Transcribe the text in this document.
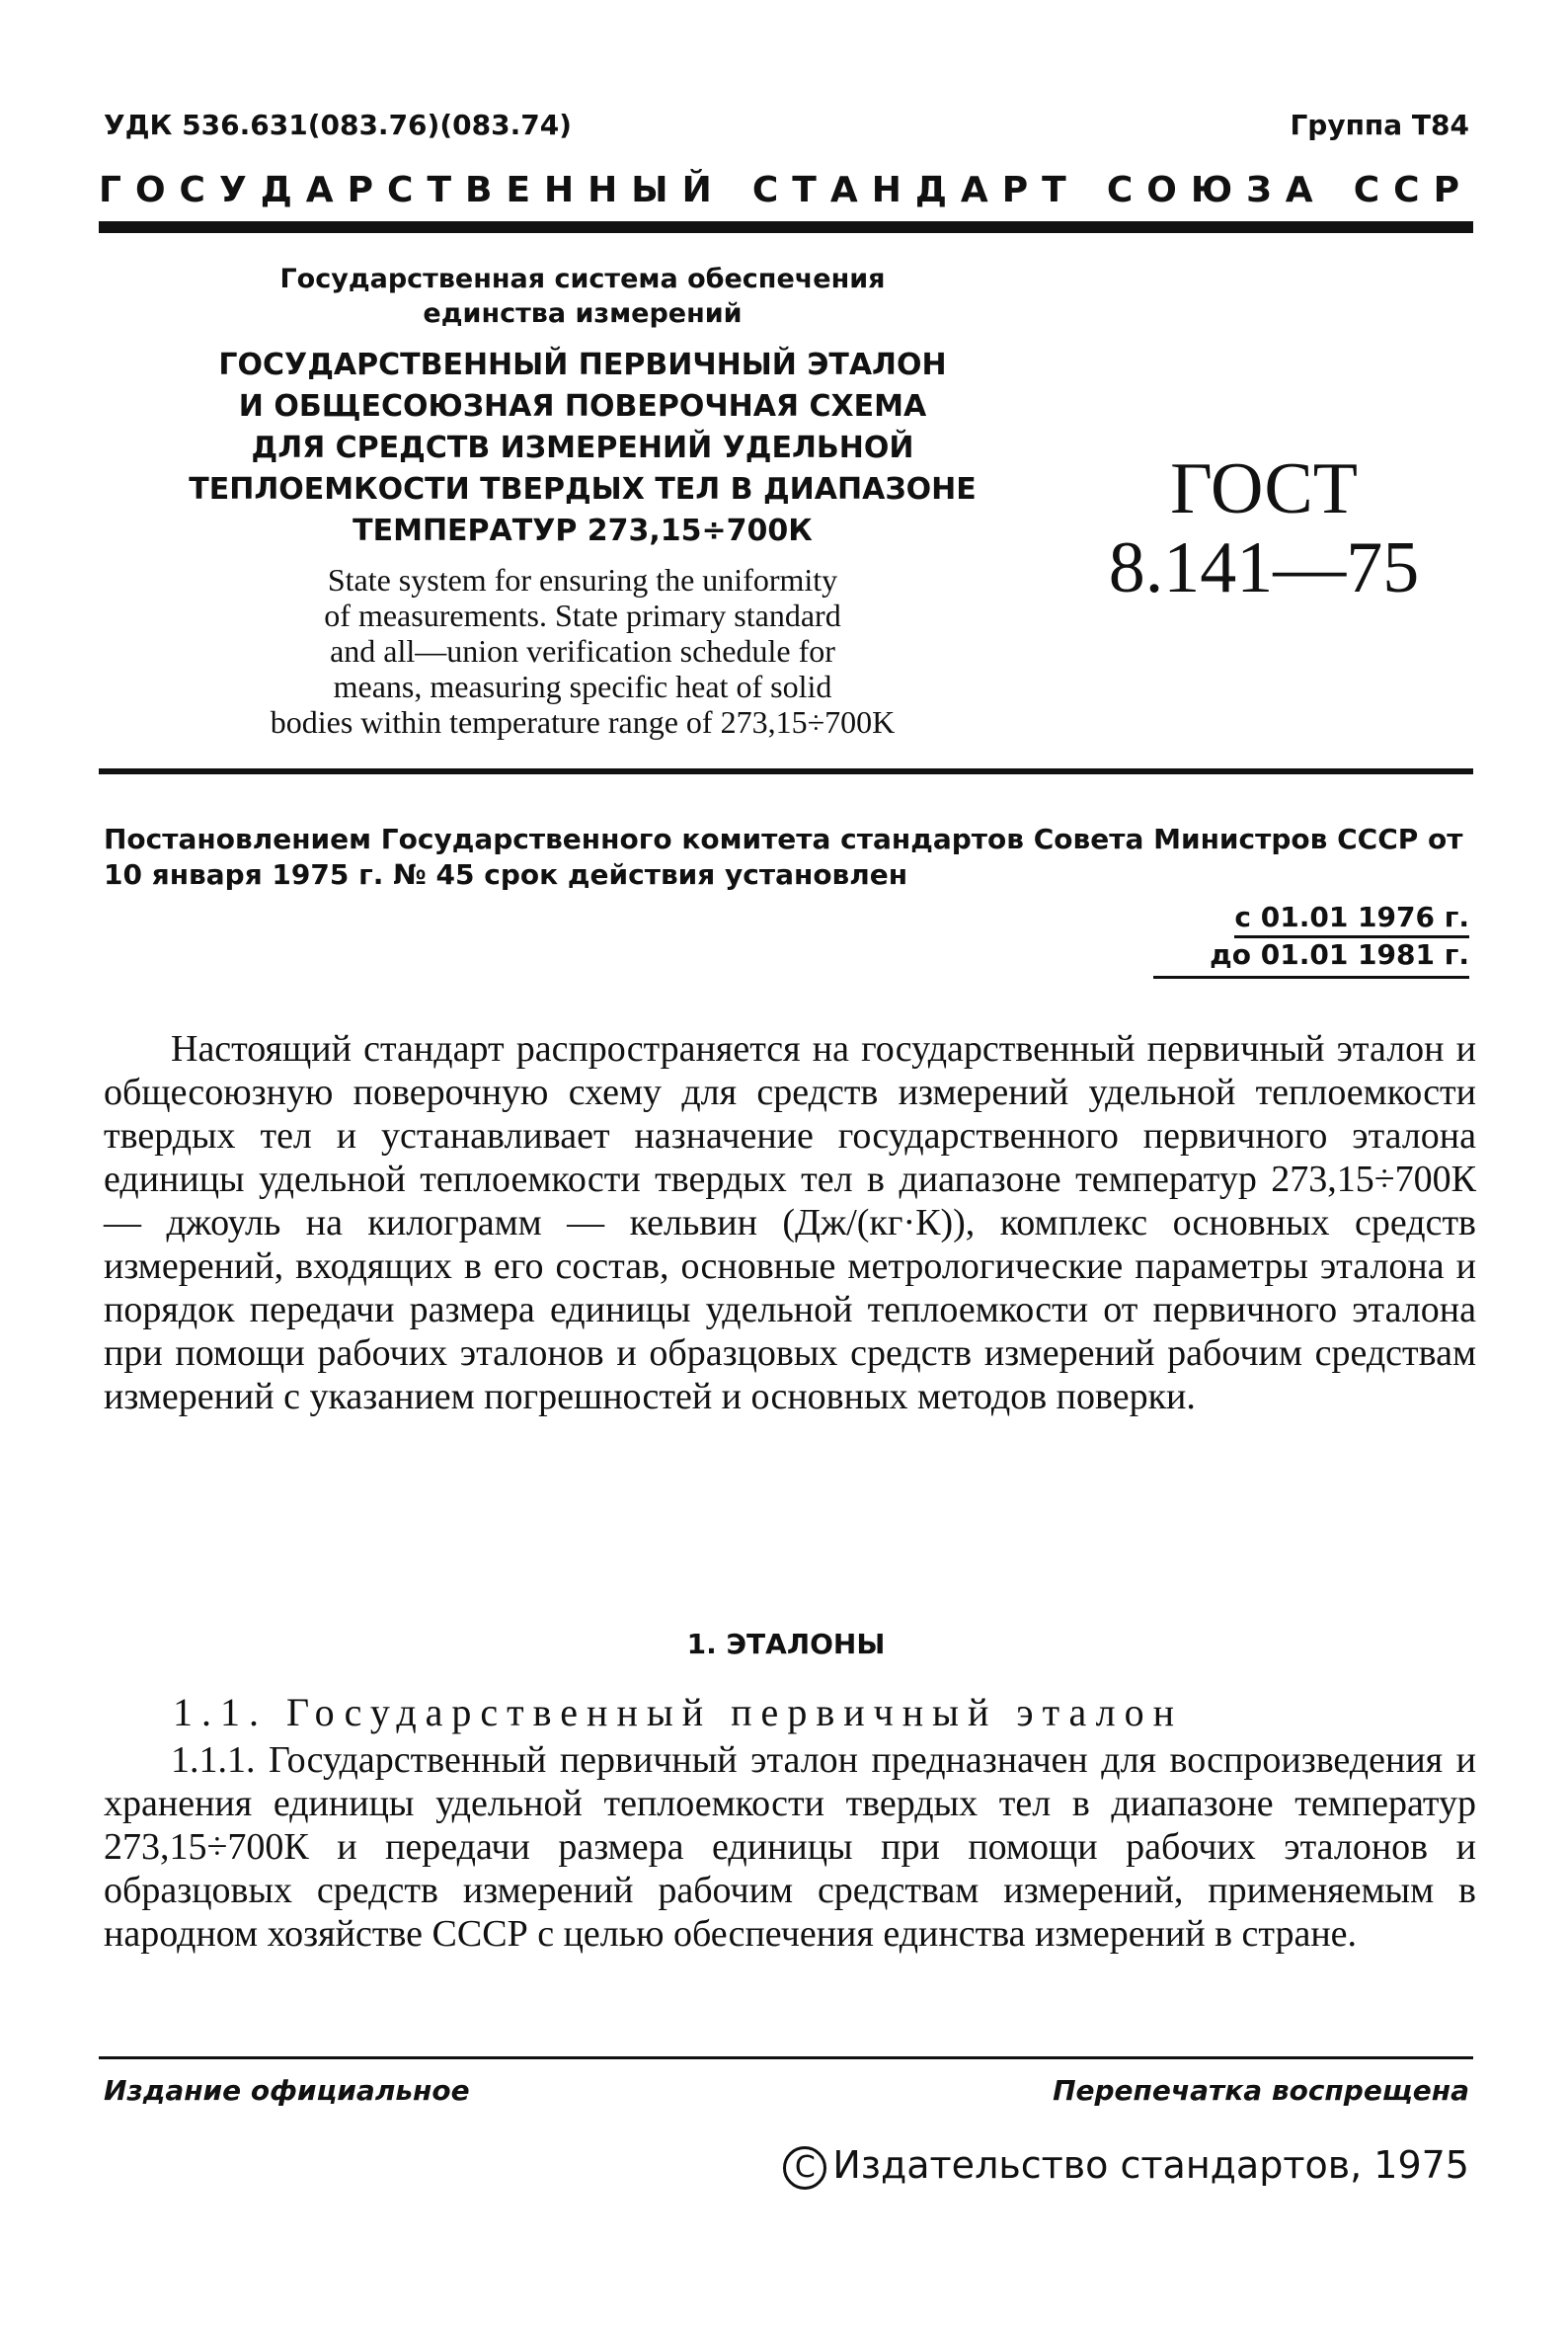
УДК 536.631(083.76)(083.74)	Группа Т84
ГОСУДАРСТВЕННЫЙ СТАНДАРТ СОЮЗА ССР
Государственная система обеспечения
единства измерений
ГОСУДАРСТВЕННЫЙ ПЕРВИЧНЫЙ ЭТАЛОН
И ОБЩЕСОЮЗНАЯ ПОВЕРОЧНАЯ СХЕМА
ДЛЯ СРЕДСТВ ИЗМЕРЕНИЙ УДЕЛЬНОЙ
ТЕПЛОЕМКОСТИ ТВЕРДЫХ ТЕЛ В ДИАПАЗОНЕ
ТЕМПЕРАТУР 273,15÷700К
State system for ensuring the uniformity
of measurements. State primary standard
and all—union verification schedule for
means, measuring specific heat of solid
bodies within temperature range of 273,15÷700K
ГОСТ
8.141—75
Постановлением Государственного комитета стандартов Совета Министров СССР от 10 января 1975 г. № 45 срок действия установлен
с 01.01 1976 г.
до 01.01 1981 г.

Настоящий стандарт распространяется на государственный первичный эталон и общесоюзную поверочную схему для средств измерений удельной теплоемкости твердых тел и устанавливает назначение государственного первичного эталона единицы удельной теплоемкости твердых тел в диапазоне температур 273,15÷700К — джоуль на килограмм — кельвин (Дж/(кг·К)), комплекс основных средств измерений, входящих в его состав, основные метрологические параметры эталона и порядок передачи размера единицы удельной теплоемкости от первичного эталона при помощи рабочих эталонов и образцовых средств измерений рабочим средствам измерений с указанием погрешностей и основных методов поверки.

1. ЭТАЛОНЫ
1.1. Государственный первичный эталон

1.1.1. Государственный первичный эталон предназначен для воспроизведения и хранения единицы удельной теплоемкости твердых тел в диапазоне температур 273,15÷700К и передачи размера единицы при помощи рабочих эталонов и образцовых средств измерений рабочим средствам измерений, применяемым в народном хозяйстве СССР с целью обеспечения единства измерений в стране.

Издание официальное	Перепечатка воспрещена
C Издательство стандартов, 1975
